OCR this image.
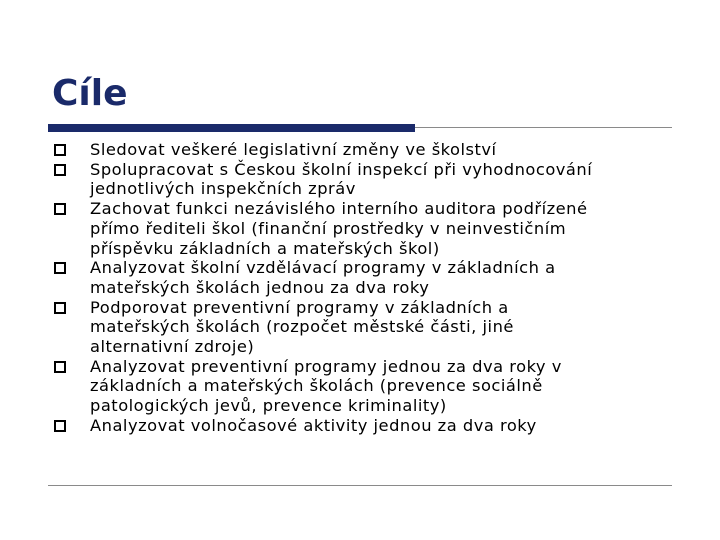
Cíle
Sledovat veškeré legislativní změny ve školství
Spolupracovat s Českou školní inspekcí při vyhodnocování
jednotlivých inspekčních zpráv
Zachovat funkci nezávislého interního auditora podřízené
přímo řediteli škol (finanční prostředky v neinvestičním
příspěvku základních a mateřských škol)
Analyzovat školní vzdělávací programy v základních a
mateřských školách jednou za dva roky
Podporovat preventivní programy v základních a
mateřských školách (rozpočet městské části, jiné
alternativní zdroje)
Analyzovat preventivní programy jednou za dva roky v
základních a mateřských školách (prevence sociálně
patologických jevů, prevence kriminality)
Analyzovat volnočasové aktivity jednou za dva roky
